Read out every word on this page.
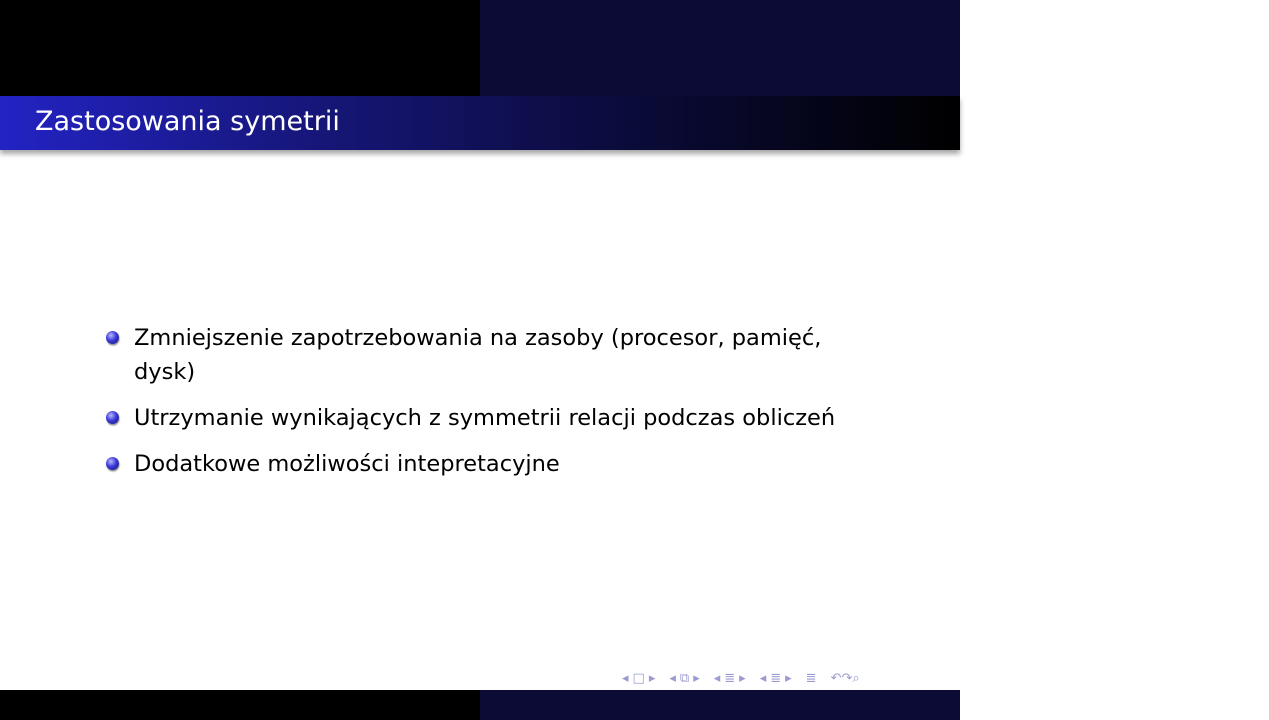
Zastosowania symetrii
Zmniejszenie zapotrzebowania na zasoby (procesor, pamięć,
dysk)
Utrzymanie wynikających z symmetrii relacji podczas obliczeń
Dodatkowe możliwości intepretacyjne
◂ □ ▸ ◂ ⧉ ▸ ◂ ≣ ▸ ◂ ≣ ▸ ≣ ↶↷⌕
Symetria w obliczeniach molekularnych
